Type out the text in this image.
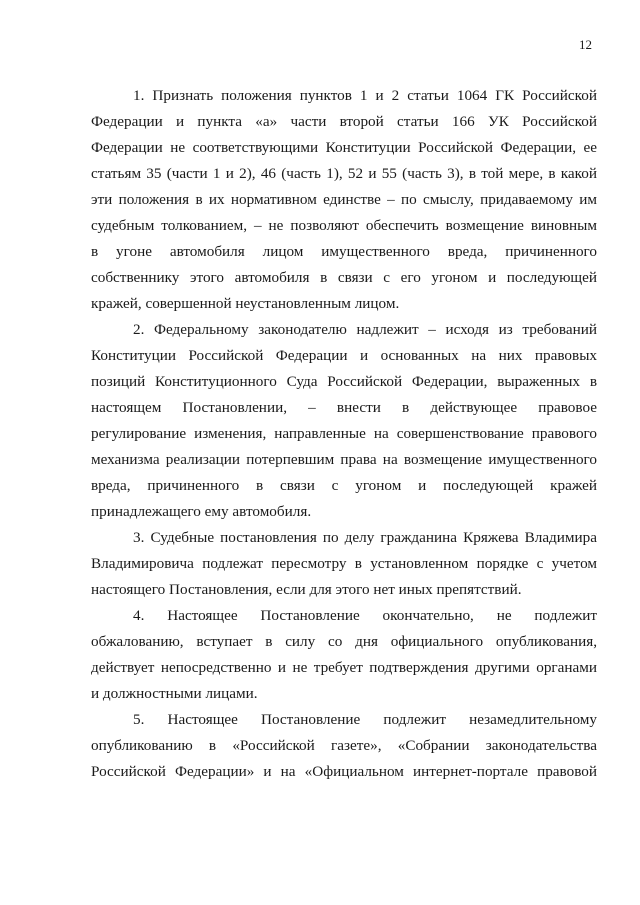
12
1. Признать положения пунктов 1 и 2 статьи 1064 ГК Российской
Федерации и пункта «а» части второй статьи 166 УК Российской
Федерации не соответствующими Конституции Российской Федерации, ее
статьям 35 (части 1 и 2), 46 (часть 1), 52 и 55 (часть 3), в той мере, в какой
эти положения в их нормативном единстве – по смыслу, придаваемому им
судебным толкованием, – не позволяют обеспечить возмещение виновным
в угоне автомобиля лицом имущественного вреда, причиненного
собственнику этого автомобиля в связи с его угоном и последующей
кражей, совершенной неустановленным лицом.
2. Федеральному законодателю надлежит – исходя из требований
Конституции Российской Федерации и основанных на них правовых
позиций Конституционного Суда Российской Федерации, выраженных в
настоящем Постановлении, – внести в действующее правовое
регулирование изменения, направленные на совершенствование правового
механизма реализации потерпевшим права на возмещение имущественного
вреда, причиненного в связи с угоном и последующей кражей
принадлежащего ему автомобиля.
3. Судебные постановления по делу гражданина Кряжева Владимира
Владимировича подлежат пересмотру в установленном порядке с учетом
настоящего Постановления, если для этого нет иных препятствий.
4. Настоящее Постановление окончательно, не подлежит
обжалованию, вступает в силу со дня официального опубликования,
действует непосредственно и не требует подтверждения другими органами
и должностными лицами.
5. Настоящее Постановление подлежит незамедлительному
опубликованию в «Российской газете», «Собрании законодательства
Российской Федерации» и на «Официальном интернет-портале правовой
